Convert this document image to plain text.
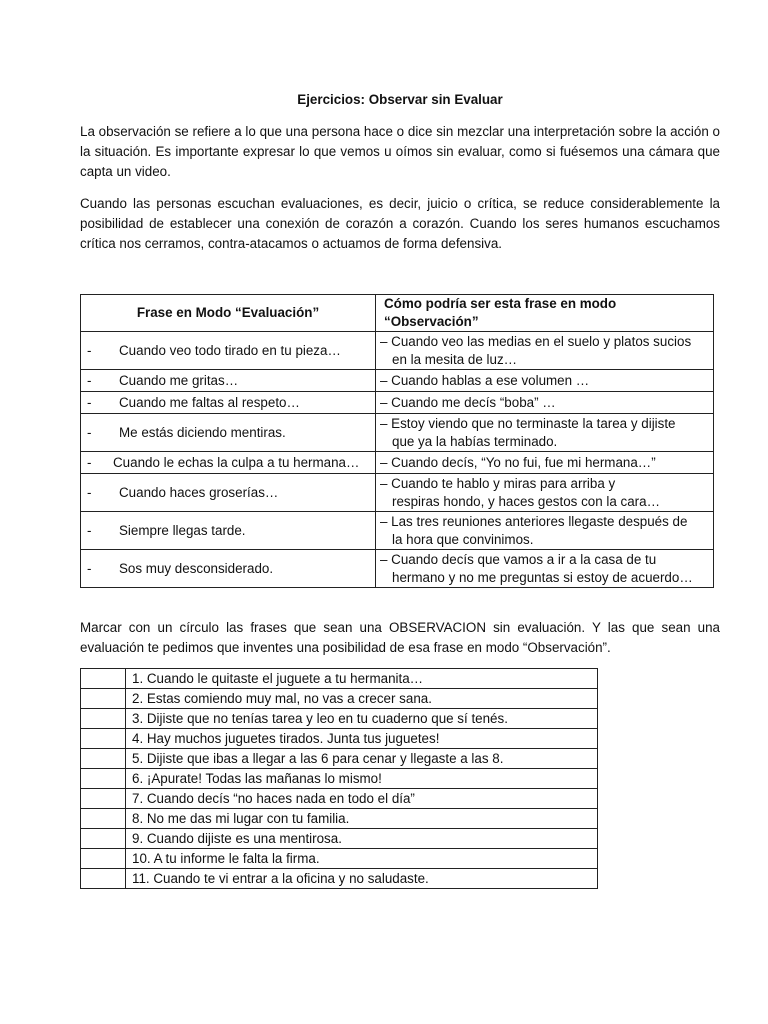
Ejercicios: Observar sin Evaluar

La observación se refiere a lo que una persona hace o dice sin mezclar una interpretación sobre la acción o la situación. Es importante expresar lo que vemos u oímos sin evaluar, como si fuésemos una cámara que capta un video.

Cuando las personas escuchan evaluaciones, es decir, juicio o crítica, se reduce considerablemente la posibilidad de establecer una conexión de corazón a corazón. Cuando los seres humanos escuchamos crítica nos cerramos, contra-atacamos o actuamos de forma defensiva.

Frase en Modo “Evaluación”	Cómo podría ser esta frase en modo “Observación”
- Cuando veo todo tirado en tu pieza…	– Cuando veo las medias en el suelo y platos sucios
en la mesita de luz…

- Cuando me gritas…	– Cuando hablas a ese volumen …

- Cuando me faltas al respeto…	– Cuando me decís “boba” …

- Me estás diciendo mentiras.	– Estoy viendo que no terminaste la tarea y dijiste
que ya la habías terminado.

- Cuando le echas la culpa a tu hermana…	– Cuando decís, “Yo no fui, fue mi hermana…”

- Cuando haces groserías…	– Cuando te hablo y miras para arriba y
respiras hondo, y haces gestos con la cara…

- Siempre llegas tarde.	– Las tres reuniones anteriores llegaste después de
la hora que convinimos.

- Sos muy desconsiderado.	– Cuando decís que vamos a ir a la casa de tu
hermano y no me preguntas si estoy de acuerdo…

Marcar con un círculo las frases que sean una OBSERVACION sin evaluación. Y las que sean una evaluación te pedimos que inventes una posibilidad de esa frase en modo “Observación”.

	1. Cuando le quitaste el juguete a tu hermanita…
	2. Estas comiendo muy mal, no vas a crecer sana.
	3. Dijiste que no tenías tarea y leo en tu cuaderno que sí tenés.
	4. Hay muchos juguetes tirados. Junta tus juguetes!
	5. Dijiste que ibas a llegar a las 6 para cenar y llegaste a las 8.
	6. ¡Apurate! Todas las mañanas lo mismo!
	7. Cuando decís “no haces nada en todo el día”
	8. No me das mi lugar con tu familia.
	9. Cuando dijiste es una mentirosa.
	10. A tu informe le falta la firma.
	11. Cuando te vi entrar a la oficina y no saludaste.
